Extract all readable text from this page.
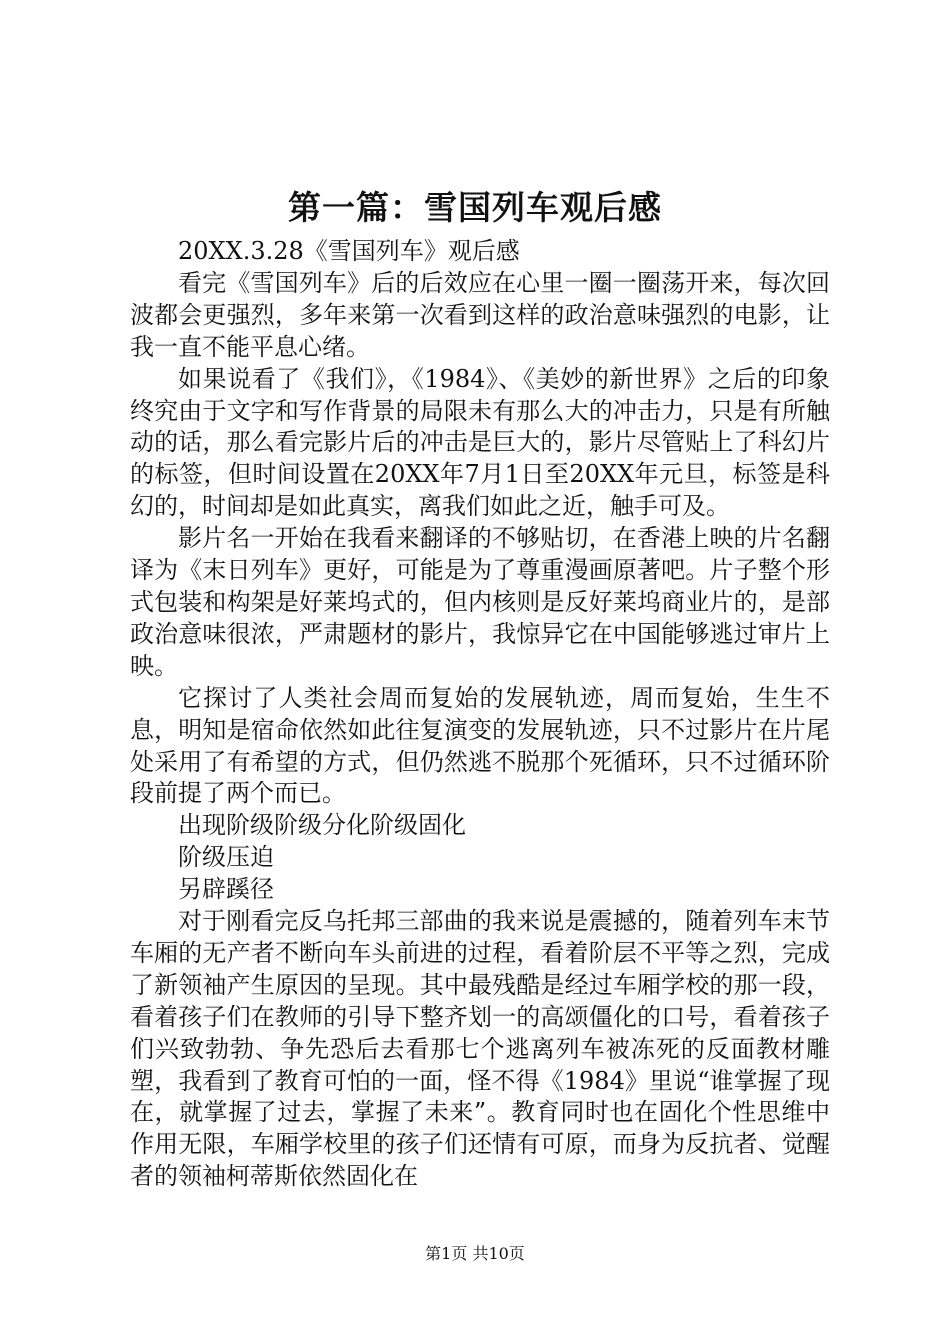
第一篇：雪国列车观后感

20XX.3.28《雪国列车》观后感

看完《雪国列车》后的后效应在心里一圈一圈荡开来，每次回波都会更强烈，多年来第一次看到这样的政治意味强烈的电影，让我一直不能平息心绪。

如果说看了《我们》，《1984》、《美妙的新世界》之后的印象终究由于文字和写作背景的局限未有那么大的冲击力，只是有所触动的话，那么看完影片后的冲击是巨大的，影片尽管贴上了科幻片的标签，但时间设置在20XX年7月1日至20XX年元旦，标签是科幻的，时间却是如此真实，离我们如此之近，触手可及。

影片名一开始在我看来翻译的不够贴切，在香港上映的片名翻译为《末日列车》更好，可能是为了尊重漫画原著吧。片子整个形式包装和构架是好莱坞式的，但内核则是反好莱坞商业片的，是部政治意味很浓，严肃题材的影片，我惊异它在中国能够逃过审片上映。

它探讨了人类社会周而复始的发展轨迹，周而复始，生生不息，明知是宿命依然如此往复演变的发展轨迹，只不过影片在片尾处采用了有希望的方式，但仍然逃不脱那个死循环，只不过循环阶段前提了两个而已。

出现阶级阶级分化阶级固化

阶级压迫

另辟蹊径

对于刚看完反乌托邦三部曲的我来说是震撼的，随着列车末节车厢的无产者不断向车头前进的过程，看着阶层不平等之烈，完成了新领袖产生原因的呈现。其中最残酷是经过车厢学校的那一段，看着孩子们在教师的引导下整齐划一的高颂僵化的口号，看着孩子们兴致勃勃、争先恐后去看那七个逃离列车被冻死的反面教材雕塑，我看到了教育可怕的一面，怪不得《1984》里说“谁掌握了现在，就掌握了过去，掌握了未来”。教育同时也在固化个性思维中作用无限，车厢学校里的孩子们还情有可原，而身为反抗者、觉醒者的领袖柯蒂斯依然固化在

第1页 共10页
